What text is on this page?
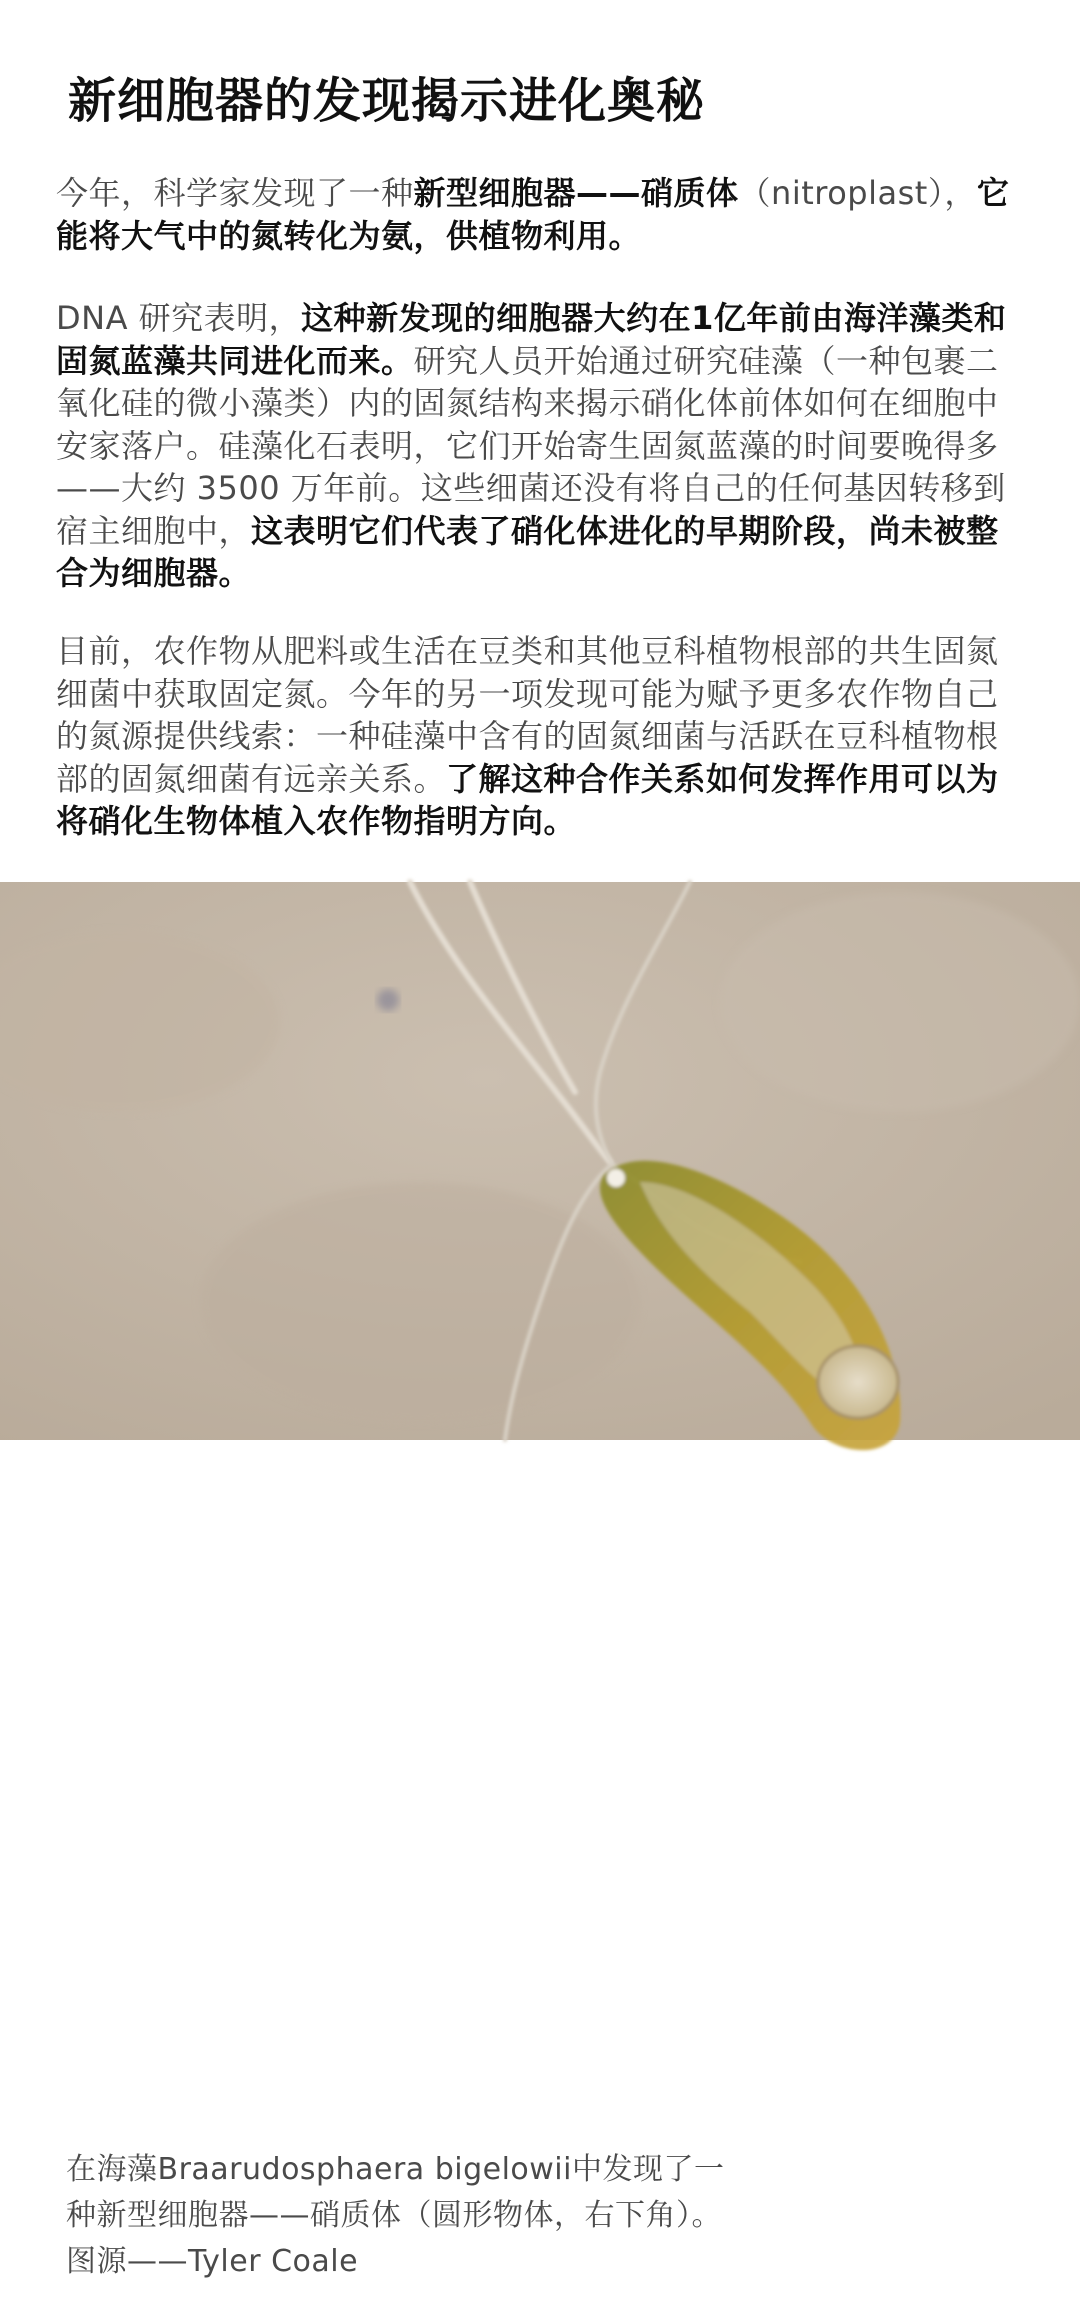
新细胞器的发现揭示进化奥秘

今年，科学家发现了一种新型细胞器——硝质体（nitroplast），它能将大气中的氮转化为氨，供植物利用。

DNA 研究表明，这种新发现的细胞器大约在1亿年前由海洋藻类和固氮蓝藻共同进化而来。研究人员开始通过研究硅藻（一种包裹二氧化硅的微小藻类）内的固氮结构来揭示硝化体前体如何在细胞中安家落户。硅藻化石表明，它们开始寄生固氮蓝藻的时间要晚得多——大约 3500 万年前。这些细菌还没有将自己的任何基因转移到宿主细胞中，这表明它们代表了硝化体进化的早期阶段，尚未被整合为细胞器。

目前，农作物从肥料或生活在豆类和其他豆科植物根部的共生固氮细菌中获取固定氮。今年的另一项发现可能为赋予更多农作物自己的氮源提供线索：一种硅藻中含有的固氮细菌与活跃在豆科植物根部的固氮细菌有远亲关系。了解这种合作关系如何发挥作用可以为将硝化生物体植入农作物指明方向。

在海藻Braarudosphaera bigelowii中发现了一种新型细胞器——硝质体（圆形物体，右下角）。图源——Tyler Coale
